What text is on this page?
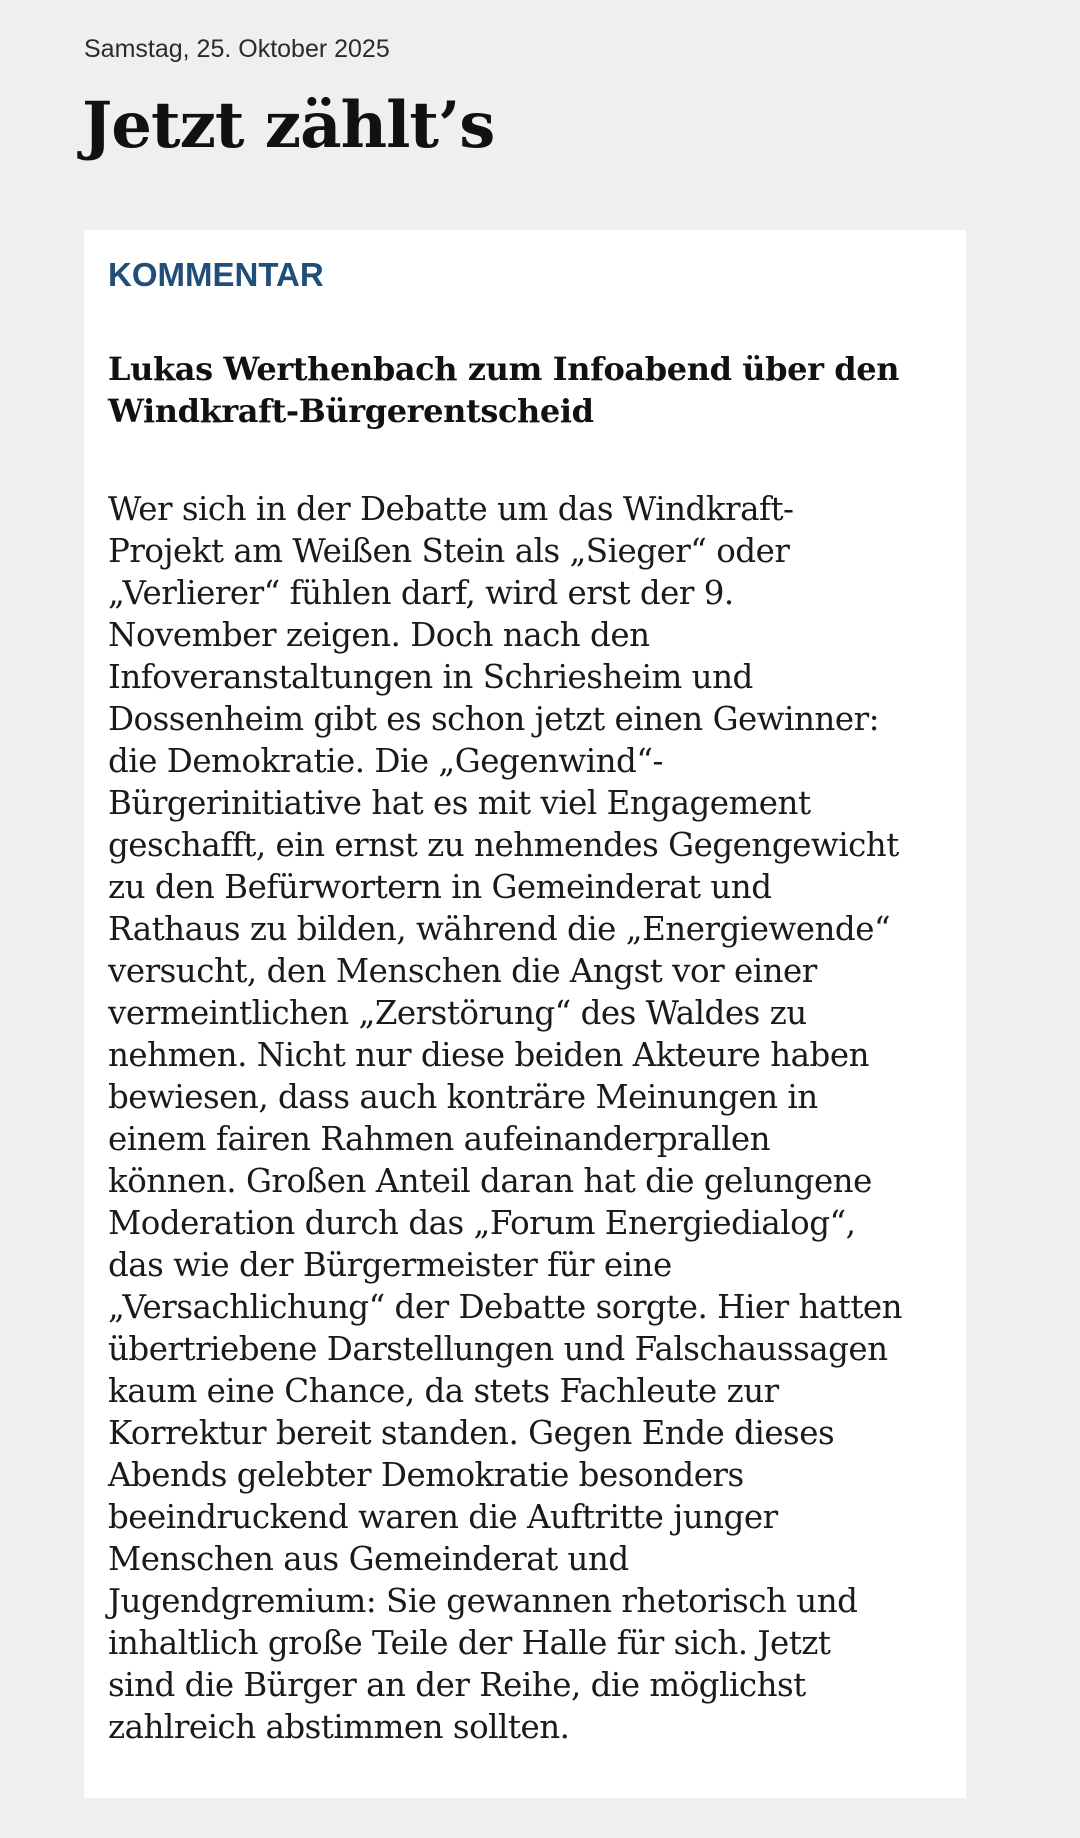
Samstag, 25. Oktober 2025
Jetzt zählt’s
KOMMENTAR
Lukas Werthenbach zum Infoabend über den
Windkraft-Bürgerentscheid
Wer sich in der Debatte um das Windkraft-
Projekt am Weißen Stein als „Sieger“ oder
„Verlierer“ fühlen darf, wird erst der 9.
November zeigen. Doch nach den
Infoveranstaltungen in Schriesheim und
Dossenheim gibt es schon jetzt einen Gewinner:
die Demokratie. Die „Gegenwind“-
Bürgerinitiative hat es mit viel Engagement
geschafft, ein ernst zu nehmendes Gegengewicht
zu den Befürwortern in Gemeinderat und
Rathaus zu bilden, während die „Energiewende“
versucht, den Menschen die Angst vor einer
vermeintlichen „Zerstörung“ des Waldes zu
nehmen. Nicht nur diese beiden Akteure haben
bewiesen, dass auch konträre Meinungen in
einem fairen Rahmen aufeinanderprallen
können. Großen Anteil daran hat die gelungene
Moderation durch das „Forum Energiedialog“,
das wie der Bürgermeister für eine
„Versachlichung“ der Debatte sorgte. Hier hatten
übertriebene Darstellungen und Falschaussagen
kaum eine Chance, da stets Fachleute zur
Korrektur bereit standen. Gegen Ende dieses
Abends gelebter Demokratie besonders
beeindruckend waren die Auftritte junger
Menschen aus Gemeinderat und
Jugendgremium: Sie gewannen rhetorisch und
inhaltlich große Teile der Halle für sich. Jetzt
sind die Bürger an der Reihe, die möglichst
zahlreich abstimmen sollten.
